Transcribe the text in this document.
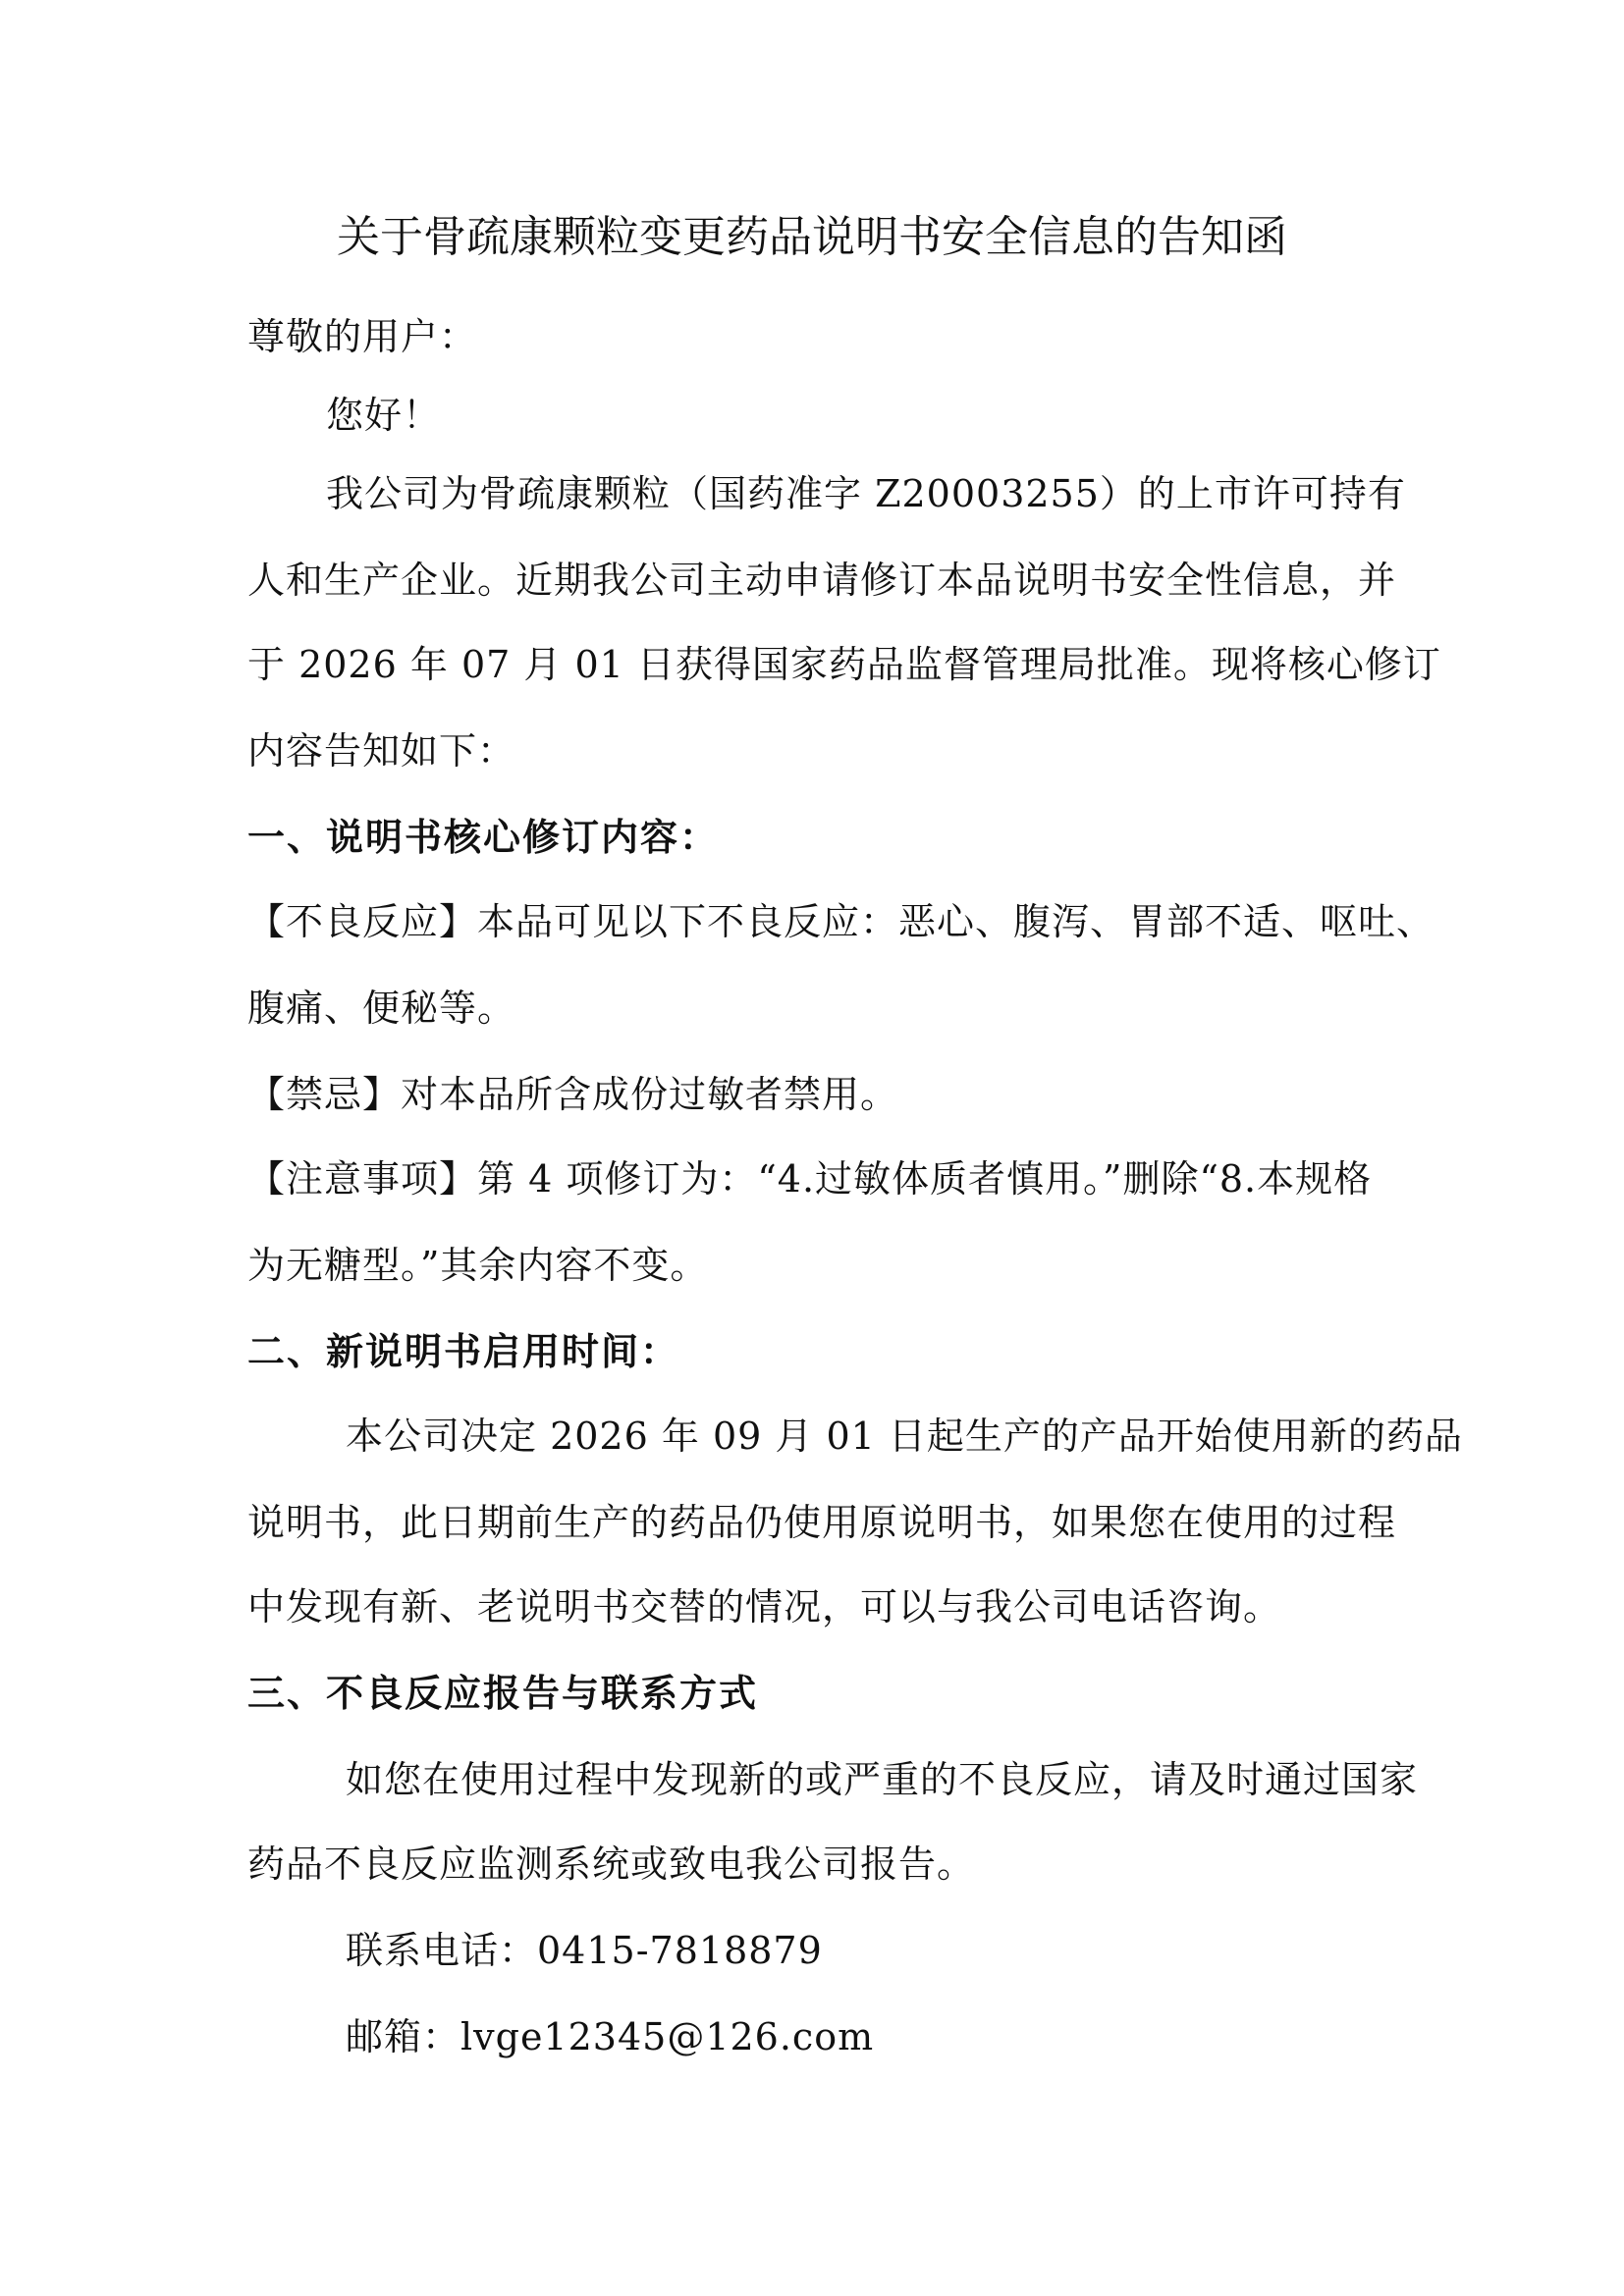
关于骨疏康颗粒变更药品说明书安全信息的告知函
尊敬的用户：
您好！
我公司为骨疏康颗粒（国药准字 Z20003255）的上市许可持有
人和生产企业。近期我公司主动申请修订本品说明书安全性信息，并
于 2026 年 07 月 01 日获得国家药品监督管理局批准。现将核心修订
内容告知如下：
一、说明书核心修订内容：
【不良反应】本品可见以下不良反应：恶心、腹泻、胃部不适、呕吐、
腹痛、便秘等。
【禁忌】对本品所含成份过敏者禁用。
【注意事项】第 4 项修订为：“4.过敏体质者慎用。”删除“8.本规格
为无糖型。”其余内容不变。
二、新说明书启用时间：
本公司决定 2026 年 09 月 01 日起生产的产品开始使用新的药品
说明书，此日期前生产的药品仍使用原说明书，如果您在使用的过程
中发现有新、老说明书交替的情况，可以与我公司电话咨询。
三、不良反应报告与联系方式
如您在使用过程中发现新的或严重的不良反应，请及时通过国家
药品不良反应监测系统或致电我公司报告。
联系电话：0415-7818879
邮箱：lvge12345@126.com
